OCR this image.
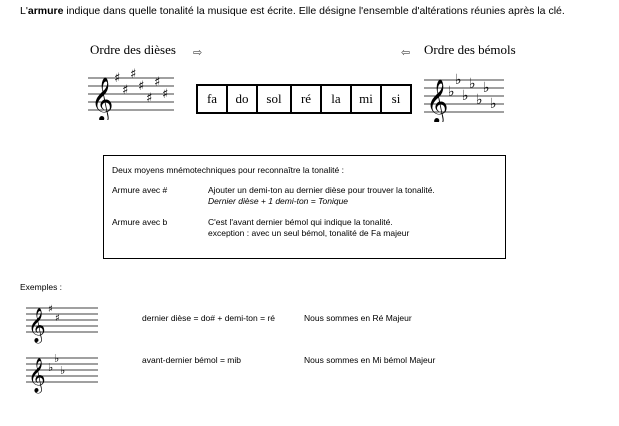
L'armure indique dans quelle tonalité la musique est écrite. Elle désigne l'ensemble d'altérations réunies après la clé.
Ordre des dièses ⇨	⇦ Ordre des bémols
𝄞 ♯
♯
♯
♯
♯
♯
♯	fa	do	sol	ré	la	mi	si 𝄞 ♭
♭
♭
♭
♭
♭
♭
Deux moyens mnémotechniques pour reconnaître la tonalité :
Armure avec #	Ajouter un demi-ton au dernier dièse pour trouver la tonalité.
Dernier dièse + 1 demi-ton = Tonique
Armure avec b	C'est l'avant dernier bémol qui indique la tonalité.
exception : avec un seul bémol, tonalité de Fa majeur
Exemples :
𝄞 ♯
♯	dernier dièse = do# + demi-ton = ré	Nous sommes en Ré Majeur
𝄞 ♭
♭
♭
avant-dernier bémol = mib	Nous sommes en Mi bémol Majeur
